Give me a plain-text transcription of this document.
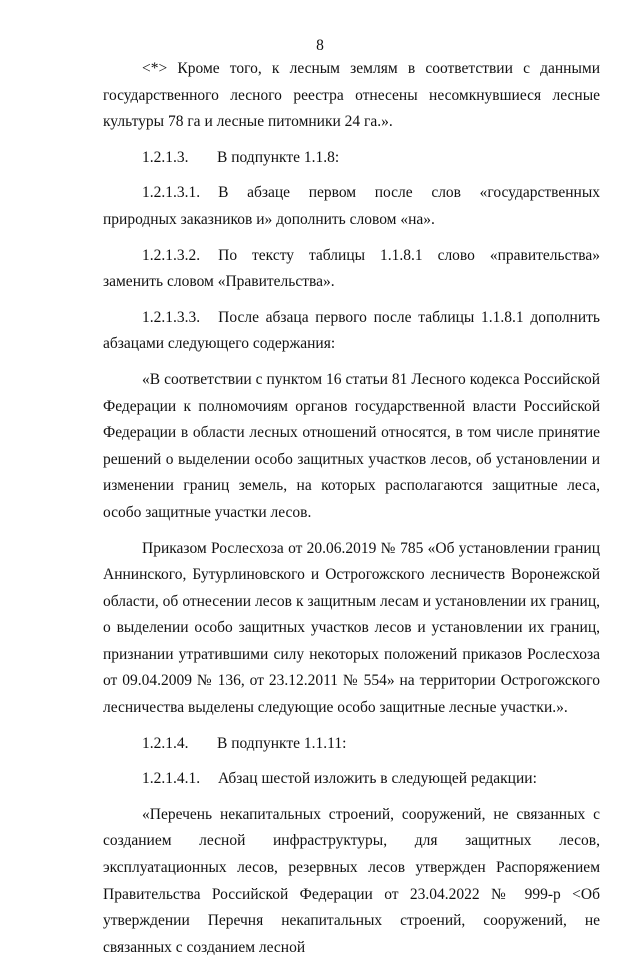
8

<*> Кроме того, к лесным землям в соответствии с данными государственного лесного реестра отнесены несомкнувшиеся лесные культуры 78 га и лесные питомники 24 га.».

1.2.1.3. В подпункте 1.1.8:

1.2.1.3.1. В абзаце первом после слов «государственных природных заказников и» дополнить словом «на».

1.2.1.3.2. По тексту таблицы 1.1.8.1 слово «правительства» заменить словом «Правительства».

1.2.1.3.3. После абзаца первого после таблицы 1.1.8.1 дополнить абзацами следующего содержания:

«В соответствии с пунктом 16 статьи 81 Лесного кодекса Российской Федерации к полномочиям органов государственной власти Российской Федерации в области лесных отношений относятся, в том числе принятие решений о выделении особо защитных участков лесов, об установлении и изменении границ земель, на которых располагаются защитные леса, особо защитные участки лесов.

Приказом Рослесхоза от 20.06.2019 № 785 «Об установлении границ Аннинского, Бутурлиновского и Острогожского лесничеств Воронежской области, об отнесении лесов к защитным лесам и установлении их границ, о выделении особо защитных участков лесов и установлении их границ, признании утратившими силу некоторых положений приказов Рослесхоза от 09.04.2009 № 136, от 23.12.2011 № 554» на территории Острогожского лесничества выделены следующие особо защитные лесные участки.».

1.2.1.4. В подпункте 1.1.11:
1.2.1.4.1. Абзац шестой изложить в следующей редакции:

«Перечень некапитальных строений, сооружений, не связанных с созданием лесной инфраструктуры, для защитных лесов, эксплуатационных лесов, резервных лесов утвержден Распоряжением Правительства Российской Федерации от 23.04.2022 № 999-р <Об утверждении Перечня некапитальных строений, сооружений, не связанных с созданием лесной
